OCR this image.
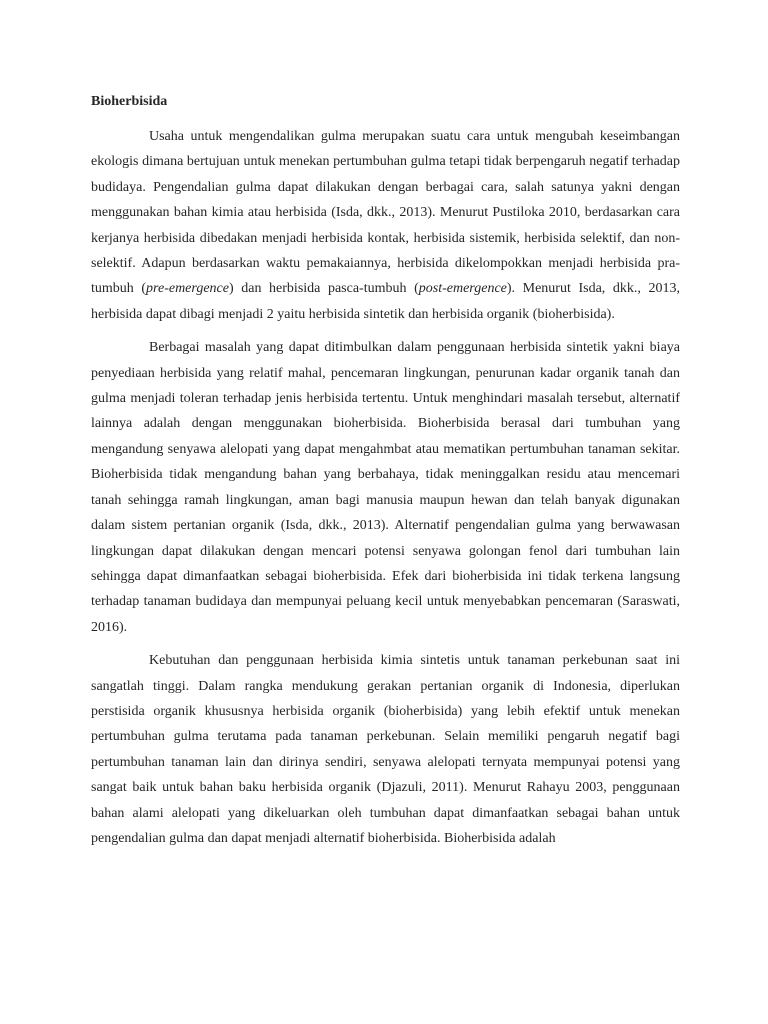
Bioherbisida

Usaha untuk mengendalikan gulma merupakan suatu cara untuk mengubah keseimbangan ekologis dimana bertujuan untuk menekan pertumbuhan gulma tetapi tidak berpengaruh negatif terhadap budidaya. Pengendalian gulma dapat dilakukan dengan berbagai cara, salah satunya yakni dengan menggunakan bahan kimia atau herbisida (Isda, dkk., 2013). Menurut Pustiloka 2010, berdasarkan cara kerjanya herbisida dibedakan menjadi herbisida kontak, herbisida sistemik, herbisida selektif, dan non-selektif. Adapun berdasarkan waktu pemakaiannya, herbisida dikelompokkan menjadi herbisida pra-tumbuh (pre-emergence) dan herbisida pasca-tumbuh (post-emergence). Menurut Isda, dkk., 2013, herbisida dapat dibagi menjadi 2 yaitu herbisida sintetik dan herbisida organik (bioherbisida).

Berbagai masalah yang dapat ditimbulkan dalam penggunaan herbisida sintetik yakni biaya penyediaan herbisida yang relatif mahal, pencemaran lingkungan, penurunan kadar organik tanah dan gulma menjadi toleran terhadap jenis herbisida tertentu. Untuk menghindari masalah tersebut, alternatif lainnya adalah dengan menggunakan bioherbisida. Bioherbisida berasal dari tumbuhan yang mengandung senyawa alelopati yang dapat mengahmbat atau mematikan pertumbuhan tanaman sekitar. Bioherbisida tidak mengandung bahan yang berbahaya, tidak meninggalkan residu atau mencemari tanah sehingga ramah lingkungan, aman bagi manusia maupun hewan dan telah banyak digunakan dalam sistem pertanian organik (Isda, dkk., 2013). Alternatif pengendalian gulma yang berwawasan lingkungan dapat dilakukan dengan mencari potensi senyawa golongan fenol dari tumbuhan lain sehingga dapat dimanfaatkan sebagai bioherbisida. Efek dari bioherbisida ini tidak terkena langsung terhadap tanaman budidaya dan mempunyai peluang kecil untuk menyebabkan pencemaran (Saraswati, 2016).

Kebutuhan dan penggunaan herbisida kimia sintetis untuk tanaman perkebunan saat ini sangatlah tinggi. Dalam rangka mendukung gerakan pertanian organik di Indonesia, diperlukan perstisida organik khususnya herbisida organik (bioherbisida) yang lebih efektif untuk menekan pertumbuhan gulma terutama pada tanaman perkebunan. Selain memiliki pengaruh negatif bagi pertumbuhan tanaman lain dan dirinya sendiri, senyawa alelopati ternyata mempunyai potensi yang sangat baik untuk bahan baku herbisida organik (Djazuli, 2011). Menurut Rahayu 2003, penggunaan bahan alami alelopati yang dikeluarkan oleh tumbuhan dapat dimanfaatkan sebagai bahan untuk pengendalian gulma dan dapat menjadi alternatif bioherbisida. Bioherbisida adalah
